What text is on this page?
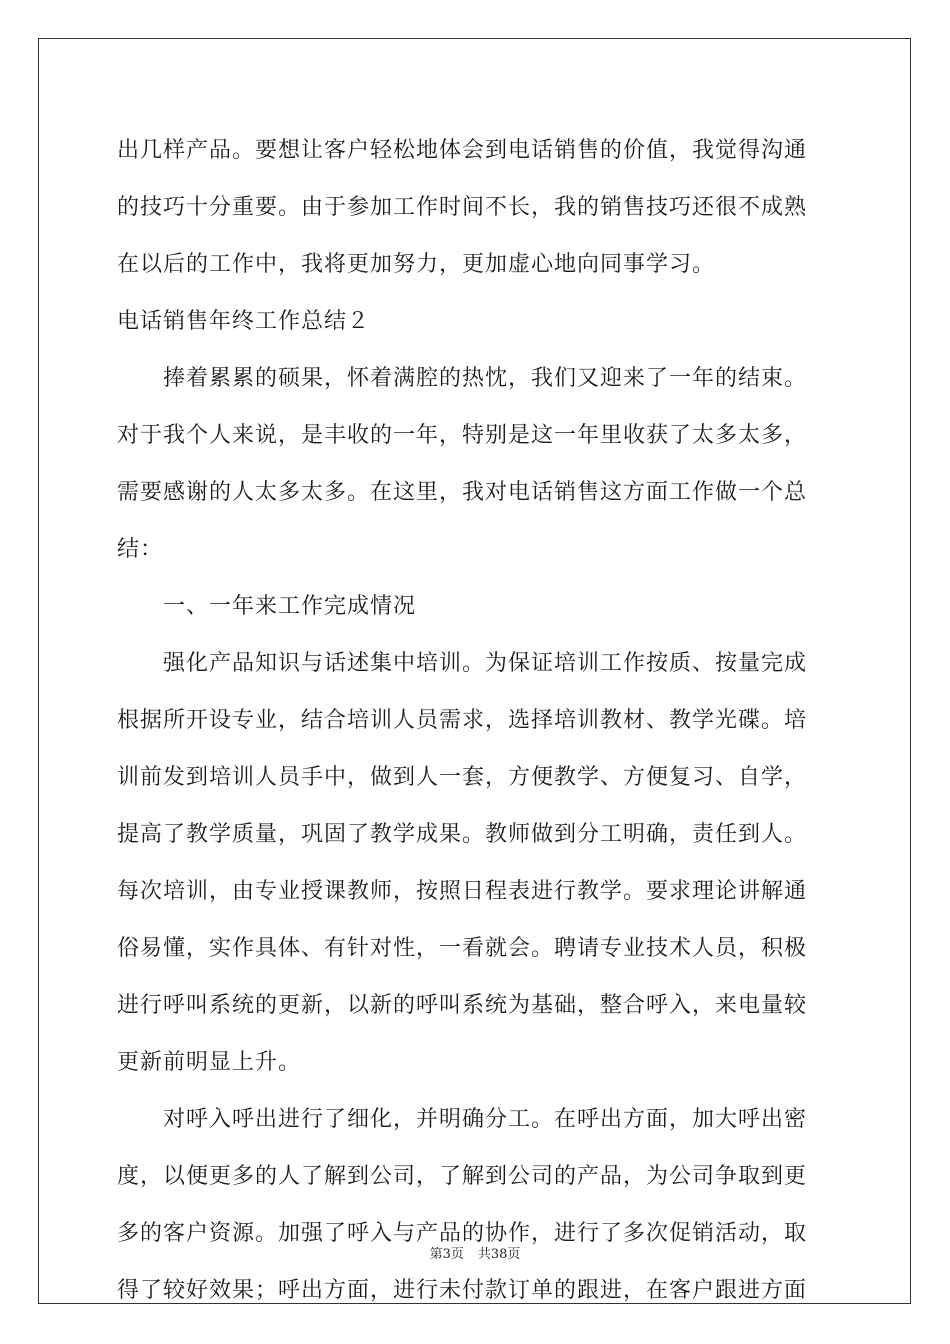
出几样产品。要想让客户轻松地体会到电话销售的价值，我觉得沟通
的技巧十分重要。由于参加工作时间不长，我的销售技巧还很不成熟
在以后的工作中，我将更加努力，更加虚心地向同事学习。
电话销售年终工作总结２
　　捧着累累的硕果，怀着满腔的热忱，我们又迎来了一年的结束。
对于我个人来说，是丰收的一年，特别是这一年里收获了太多太多，
需要感谢的人太多太多。在这里，我对电话销售这方面工作做一个总
结：
　　一、一年来工作完成情况
　　强化产品知识与话述集中培训。为保证培训工作按质、按量完成
根据所开设专业，结合培训人员需求，选择培训教材、教学光碟。培
训前发到培训人员手中，做到人一套，方便教学、方便复习、自学，
提高了教学质量，巩固了教学成果。教师做到分工明确，责任到人。
每次培训，由专业授课教师，按照日程表进行教学。要求理论讲解通
俗易懂，实作具体、有针对性，一看就会。聘请专业技术人员，积极
进行呼叫系统的更新，以新的呼叫系统为基础，整合呼入，来电量较
更新前明显上升。
　　对呼入呼出进行了细化，并明确分工。在呼出方面，加大呼出密
度，以便更多的人了解到公司，了解到公司的产品，为公司争取到更
多的客户资源。加强了呼入与产品的协作，进行了多次促销活动，取
得了较好效果；呼出方面，进行未付款订单的跟进，在客户跟进方面
第3页 共38页
